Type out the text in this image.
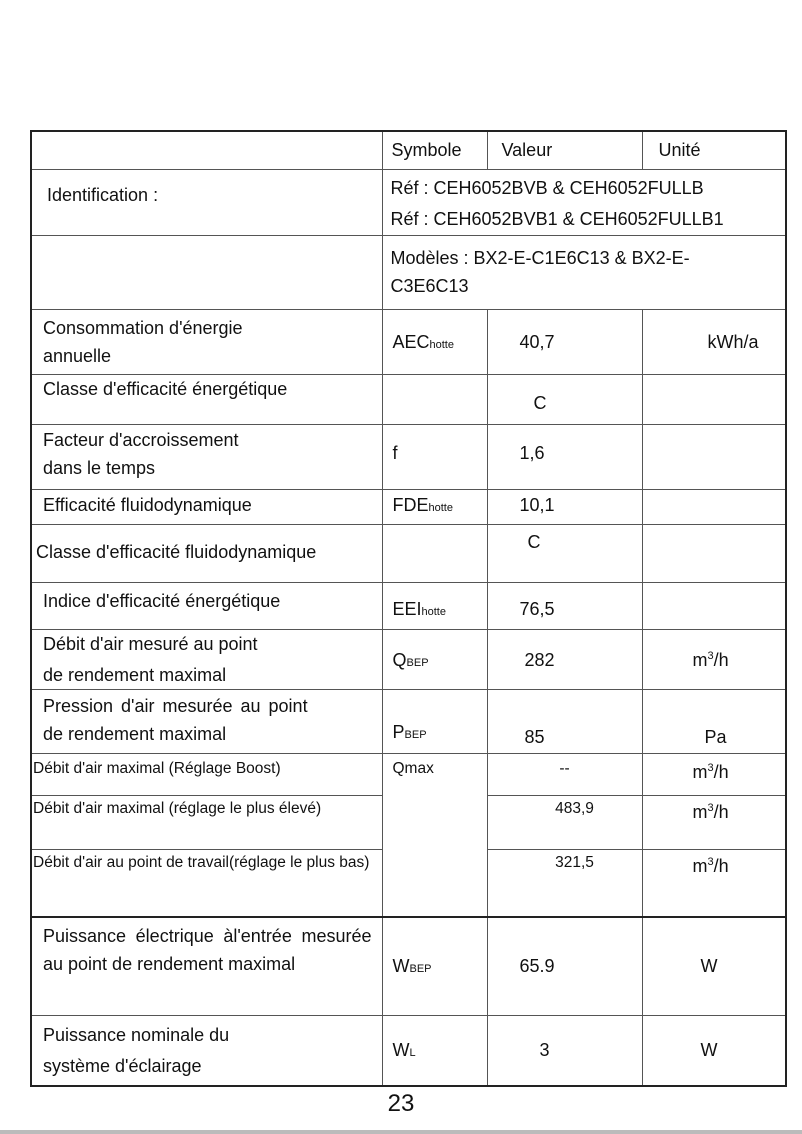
	Symbole	Valeur	Unité
Identification :	Réf : CEH6052BVB & CEH6052FULLB
Réf : CEH6052BVB1 & CEH6052FULLB1		

	Modèles : BX2-E-C1E6C13 & BX2-E-C3E6C13		

Consommation d'énergie
annuelle	AEChotte	40,7	kWh/a
Classe d'efficacité énergétique		C	

Facteur d'accroissement
dans le temps	f	1,6	
Efficacité fluidodynamique	FDEhotte	10,1	
Classe d'efficacité fluidodynamique		C	
Indice d'efficacité énergétique	EEIhotte	76,5	

Débit d'air mesuré au point
de rendement maximal	QBEP	282	$m^3/h$

Pression d'air mesurée au point
de rendement maximal	PBEP	85	Pa
Débit d'air maximal (Réglage Boost)	Qmax	--	$m^3/h$
Débit d'air maximal (réglage le plus élevé)		483,9	$m^3/h$
Débit d'air au point de travail(réglage le plus bas)		321,5	$m^3/h$
Puissance électrique àl'entrée mesurée au point de rendement maximal	WBEP	65.9	W

Puissance nominale du
système d'éclairage	WL	3	W
23
